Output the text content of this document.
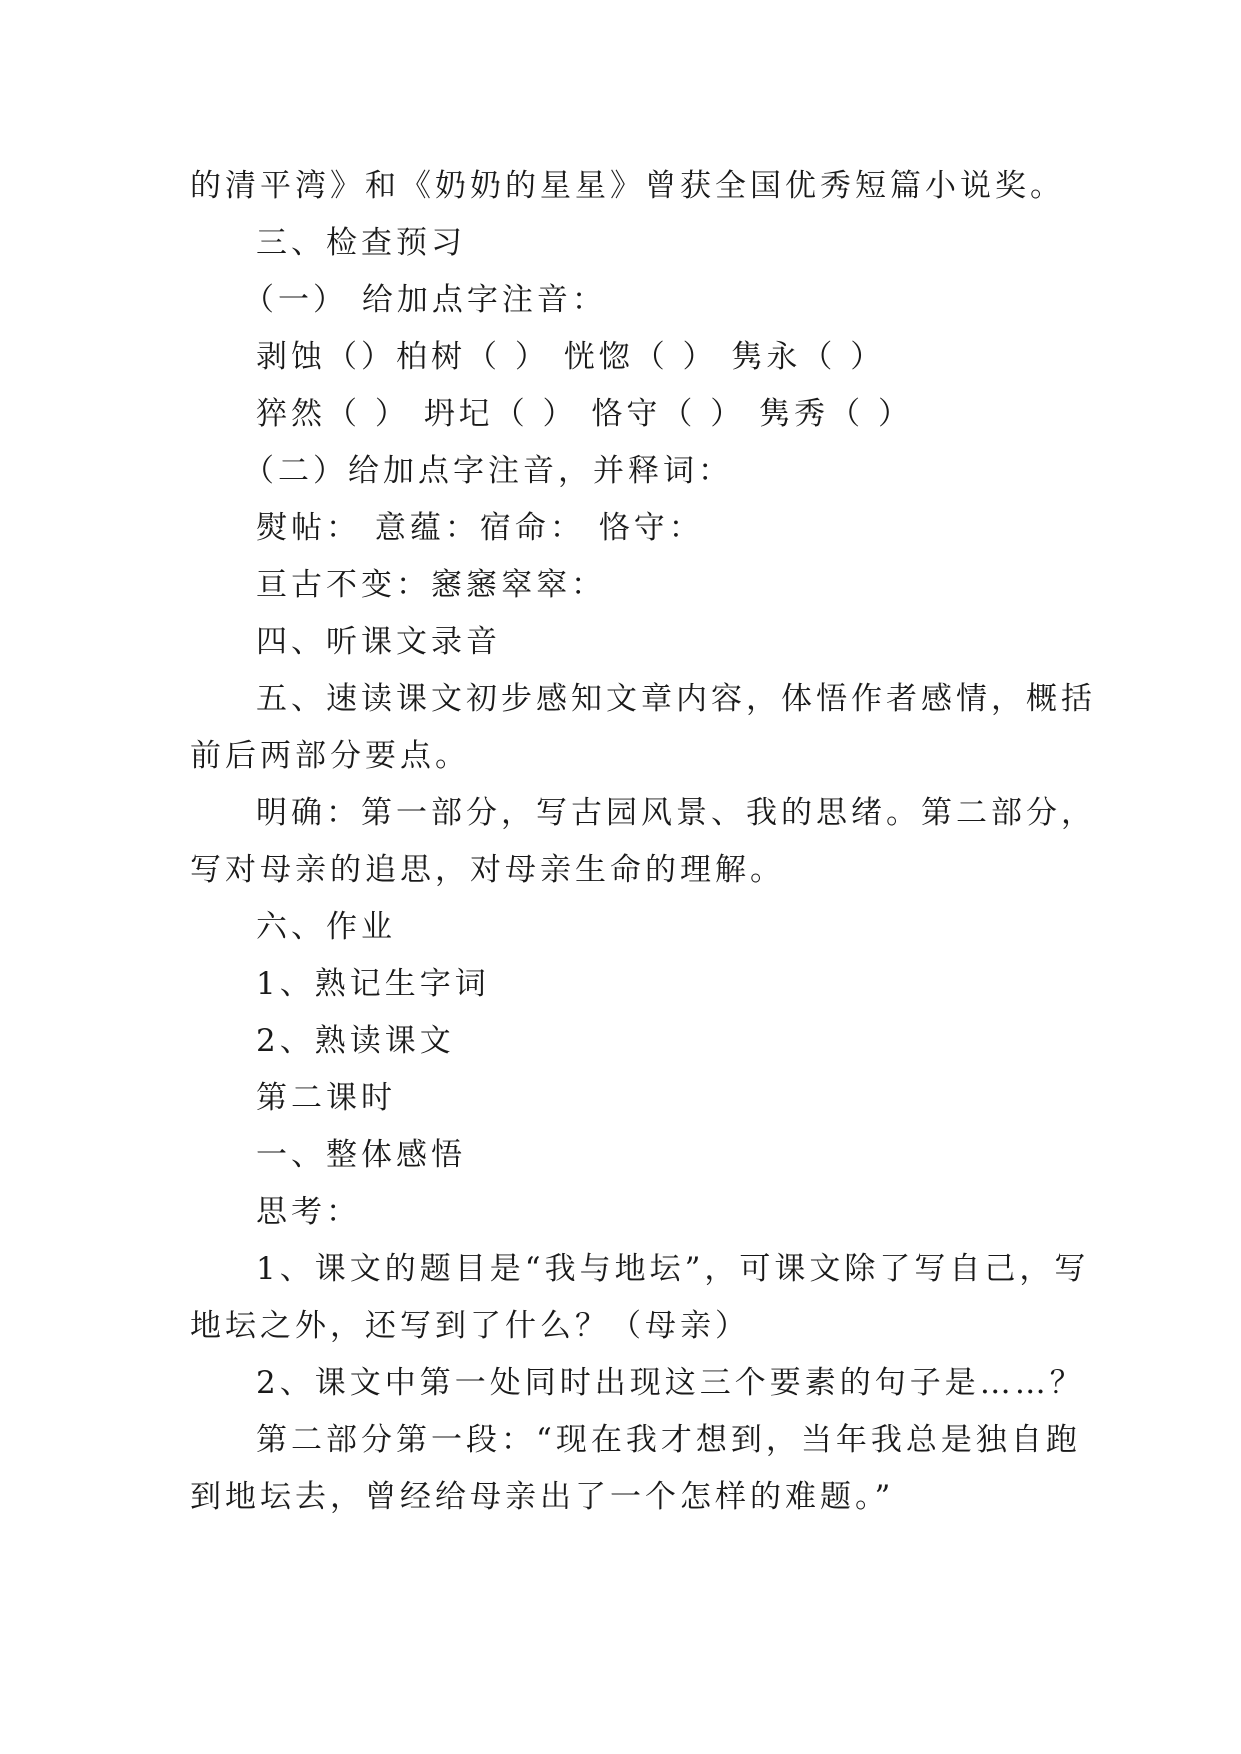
的清平湾》和《奶奶的星星》曾获全国优秀短篇小说奖。
三、检查预习
（一） 给加点字注音：
剥蚀（）柏树（ ） 恍惚（ ） 隽永（ ）
猝然（ ） 坍圮（ ） 恪守（ ） 隽秀（ ）
（二）给加点字注音，并释词：
熨帖： 意蕴：宿命： 恪守：
亘古不变：窸窸窣窣：
四、听课文录音
五、速读课文初步感知文章内容，体悟作者感情，概括
前后两部分要点。
明确：第一部分，写古园风景、我的思绪。第二部分，
写对母亲的追思，对母亲生命的理解。
六、作业
1、熟记生字词
2、熟读课文
第二课时
一、整体感悟
思考：
1、课文的题目是“我与地坛”，可课文除了写自己，写
地坛之外，还写到了什么？（母亲）
2、课文中第一处同时出现这三个要素的句子是……？
第二部分第一段：“现在我才想到，当年我总是独自跑
到地坛去，曾经给母亲出了一个怎样的难题。”
